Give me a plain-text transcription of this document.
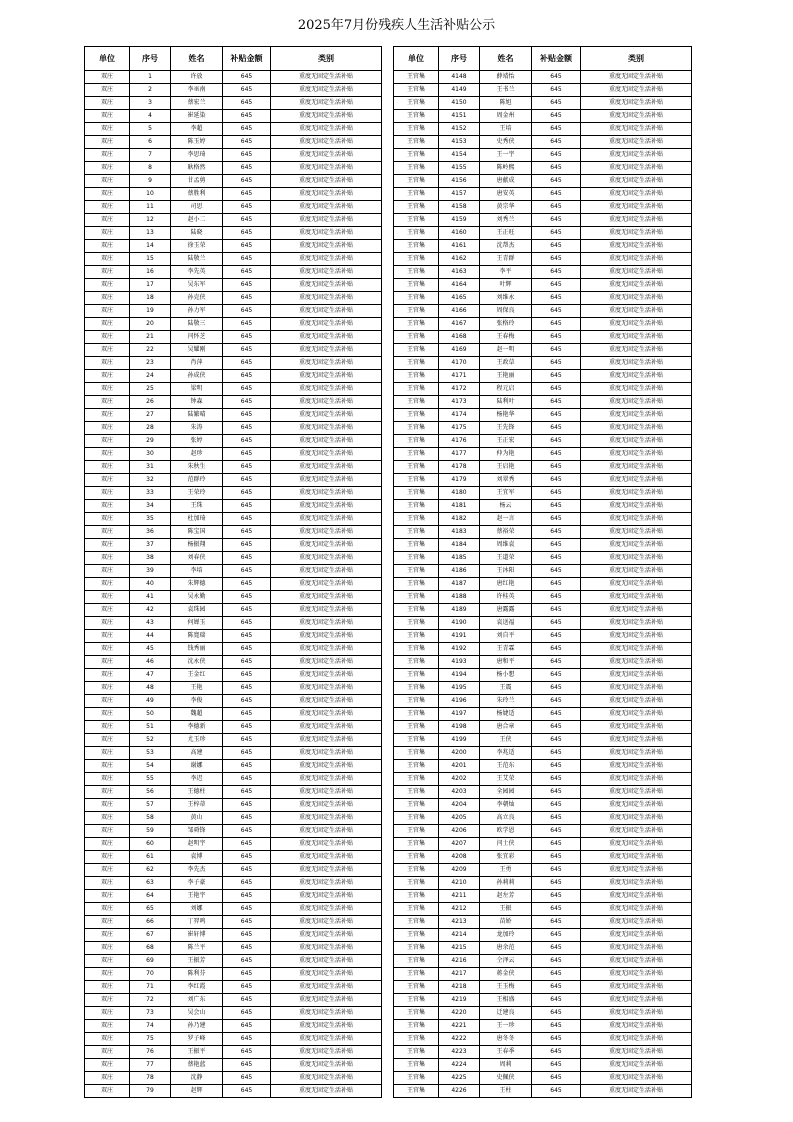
2025年7月份残疾人生活补贴公示
单位	序号	姓名	补贴金额	类别
双庄	1	许放	645	重度无固定生活补贴
双庄	2	李巫南	645	重度无固定生活补贴
双庄	3	蔡宏兰	645	重度无固定生活补贴
双庄	4	崔延染	645	重度无固定生活补贴
双庄	5	李超	645	重度无固定生活补贴
双庄	6	陈玉婷	645	重度无固定生活补贴
双庄	7	李思琦	645	重度无固定生活补贴
双庄	8	耿格然	645	重度无固定生活补贴
双庄	9	甘孟剪	645	重度无固定生活补贴
双庄	10	蔡胜利	645	重度无固定生活补贴
双庄	11	司思	645	重度无固定生活补贴
双庄	12	赵小二	645	重度无固定生活补贴
双庄	13	陆晓	645	重度无固定生活补贴
双庄	14	徐玉荣	645	重度无固定生活补贴
双庄	15	陆敬兰	645	重度无固定生活补贴
双庄	16	李先英	645	重度无固定生活补贴
双庄	17	吴东军	645	重度无固定生活补贴
双庄	18	孙克侠	645	重度无固定生活补贴
双庄	19	孙力军	645	重度无固定生活补贴
双庄	20	陆敬三	645	重度无固定生活补贴
双庄	21	闫怀芝	645	重度无固定生活补贴
双庄	22	吴耀刚	645	重度无固定生活补贴
双庄	23	肖萍	645	重度无固定生活补贴
双庄	24	孙成侠	645	重度无固定生活补贴
双庄	25	梁明	645	重度无固定生活补贴
双庄	26	钟森	645	重度无固定生活补贴
双庄	27	陆繁晴	645	重度无固定生活补贴
双庄	28	朱涛	645	重度无固定生活补贴
双庄	29	张婷	645	重度无固定生活补贴
双庄	30	赵珍	645	重度无固定生活补贴
双庄	31	朱秋生	645	重度无固定生活补贴
双庄	32	范群玲	645	重度无固定生活补贴
双庄	33	王荣玲	645	重度无固定生活补贴
双庄	34	王珠	645	重度无固定生活补贴
双庄	35	杜加琦	645	重度无固定生活补贴
双庄	36	陈宝国	645	重度无固定生活补贴
双庄	37	杨振翔	645	重度无固定生活补贴
双庄	38	刘春侠	645	重度无固定生活补贴
双庄	39	李培	645	重度无固定生活补贴
双庄	40	朱辉德	645	重度无固定生活补贴
双庄	41	吴永勤	645	重度无固定生活补贴
双庄	42	袁珠园	645	重度无固定生活补贴
双庄	43	何婵玉	645	重度无固定生活补贴
双庄	44	陈寛瑞	645	重度无固定生活补贴
双庄	45	钱秀丽	645	重度无固定生活补贴
双庄	46	沈永侠	645	重度无固定生活补贴
双庄	47	王金红	645	重度无固定生活补贴
双庄	48	王艳	645	重度无固定生活补贴
双庄	49	李俊	645	重度无固定生活补贴
双庄	50	魏超	645	重度无固定生活补贴
双庄	51	李德新	645	重度无固定生活补贴
双庄	52	尤玉珍	645	重度无固定生活补贴
双庄	53	高建	645	重度无固定生活补贴
双庄	54	谢娜	645	重度无固定生活补贴
双庄	55	李迟	645	重度无固定生活补贴
双庄	56	王德柱	645	重度无固定生活补贴
双庄	57	王梓蒂	645	重度无固定生活补贴
双庄	58	黄山	645	重度无固定生活补贴
双庄	59	邹舜锋	645	重度无固定生活补贴
双庄	60	赵明宇	645	重度无固定生活补贴
双庄	61	袁博	645	重度无固定生活补贴
双庄	62	李先杰	645	重度无固定生活补贴
双庄	63	李子豪	645	重度无固定生活补贴
双庄	64	王艳宇	645	重度无固定生活补贴
双庄	65	刘娜	645	重度无固定生活补贴
双庄	66	丁羿鸣	645	重度无固定生活补贴
双庄	67	崔轩博	645	重度无固定生活补贴
双庄	68	陈兰平	645	重度无固定生活补贴
双庄	69	王振芳	645	重度无固定生活补贴
双庄	70	陈利芬	645	重度无固定生活补贴
双庄	71	李红霞	645	重度无固定生活补贴
双庄	72	刘广东	645	重度无固定生活补贴
双庄	73	吴会山	645	重度无固定生活补贴
双庄	74	孙乃建	645	重度无固定生活补贴
双庄	75	罗子峰	645	重度无固定生活补贴
双庄	76	王振平	645	重度无固定生活补贴
双庄	77	蔡艳蓝	645	重度无固定生活补贴
双庄	78	沈静	645	重度无固定生活补贴
双庄	79	赵辉	645	重度无固定生活补贴
单位	序号	姓名	补贴金额	类别
王官集	4148	薛靖怡	645	重度无固定生活补贴
王官集	4149	王书兰	645	重度无固定生活补贴
王官集	4150	陈旭	645	重度无固定生活补贴
王官集	4151	周金州	645	重度无固定生活补贴
王官集	4152	王培	645	重度无固定生活补贴
王官集	4153	史秀侠	645	重度无固定生活补贴
王官集	4154	王一宇	645	重度无固定生活补贴
王官集	4155	陈岭熙	645	重度无固定生活补贴
王官集	4156	唐献成	645	重度无固定生活补贴
王官集	4157	唐安英	645	重度无固定生活补贴
王官集	4158	黄宗华	645	重度无固定生活补贴
王官集	4159	刘秀兰	645	重度无固定生活补贴
王官集	4160	王正旺	645	重度无固定生活补贴
王官集	4161	沈帮杰	645	重度无固定生活补贴
王官集	4162	王青群	645	重度无固定生活补贴
王官集	4163	李平	645	重度无固定生活补贴
王官集	4164	叶辉	645	重度无固定生活补贴
王官集	4165	刘维永	645	重度无固定生活补贴
王官集	4166	周保良	645	重度无固定生活补贴
王官集	4167	张格玲	645	重度无固定生活补贴
王官集	4168	王春梅	645	重度无固定生活补贴
王官集	4169	赵一明	645	重度无固定生活补贴
王官集	4170	王政草	645	重度无固定生活补贴
王官集	4171	王艳丽	645	重度无固定生活补贴
王官集	4172	程元启	645	重度无固定生活补贴
王官集	4173	陆利叶	645	重度无固定生活补贴
王官集	4174	杨艳华	645	重度无固定生活补贴
王官集	4175	王先锋	645	重度无固定生活补贴
王官集	4176	王正宏	645	重度无固定生活补贴
王官集	4177	仲为艳	645	重度无固定生活补贴
王官集	4178	王启艳	645	重度无固定生活补贴
王官集	4179	刘翠秀	645	重度无固定生活补贴
王官集	4180	王宜军	645	重度无固定生活补贴
王官集	4181	杨云	645	重度无固定生活补贴
王官集	4182	赵一言	645	重度无固定生活补贴
王官集	4183	蔡裕荣	645	重度无固定生活补贴
王官集	4184	周维袁	645	重度无固定生活补贴
王官集	4185	王道荣	645	重度无固定生活补贴
王官集	4186	王沐阳	645	重度无固定生活补贴
王官集	4187	唐红艳	645	重度无固定生活补贴
王官集	4188	许桂英	645	重度无固定生活补贴
王官集	4189	唐露露	645	重度无固定生活补贴
王官集	4190	袁送福	645	重度无固定生活补贴
王官集	4191	刘自平	645	重度无固定生活补贴
王官集	4192	王青霖	645	重度无固定生活补贴
王官集	4193	唐和平	645	重度无固定生活补贴
王官集	4194	杨小想	645	重度无固定生活补贴
王官集	4195	王震	645	重度无固定生活补贴
王官集	4196	朱玲兰	645	重度无固定生活补贴
王官集	4197	杨婕适	645	重度无固定生活补贴
王官集	4198	唐合章	645	重度无固定生活补贴
王官集	4199	王侠	645	重度无固定生活补贴
王官集	4200	李兆适	645	重度无固定生活补贴
王官集	4201	王范东	645	重度无固定生活补贴
王官集	4202	王艾荣	645	重度无固定生活补贴
王官集	4203	全园园	645	重度无固定生活补贴
王官集	4204	李朝灿	645	重度无固定生活补贴
王官集	4205	高立良	645	重度无固定生活补贴
王官集	4206	欧学恩	645	重度无固定生活补贴
王官集	4207	闫士侠	645	重度无固定生活补贴
王官集	4208	张宜彩	645	重度无固定生活补贴
王官集	4209	王勇	645	重度无固定生活补贴
王官集	4210	孙莉莉	645	重度无固定生活补贴
王官集	4211	赵左芳	645	重度无固定生活补贴
王官集	4212	王振	645	重度无固定生活补贴
王官集	4213	苗娇	645	重度无固定生活补贴
王官集	4214	龙加玲	645	重度无固定生活补贴
王官集	4215	唐余范	645	重度无固定生活补贴
王官集	4216	仝泽云	645	重度无固定生活补贴
王官集	4217	蒋金侠	645	重度无固定生活补贴
王官集	4218	王玉梅	645	重度无固定生活补贴
王官集	4219	王相盛	645	重度无固定生活补贴
王官集	4220	迁建良	645	重度无固定生活补贴
王官集	4221	王一珍	645	重度无固定生活补贴
王官集	4222	唐冬冬	645	重度无固定生活补贴
王官集	4223	王春季	645	重度无固定生活补贴
王官集	4224	周莉	645	重度无固定生活补贴
王官集	4225	史佩侠	645	重度无固定生活补贴
王官集	4226	王柱	645	重度无固定生活补贴
